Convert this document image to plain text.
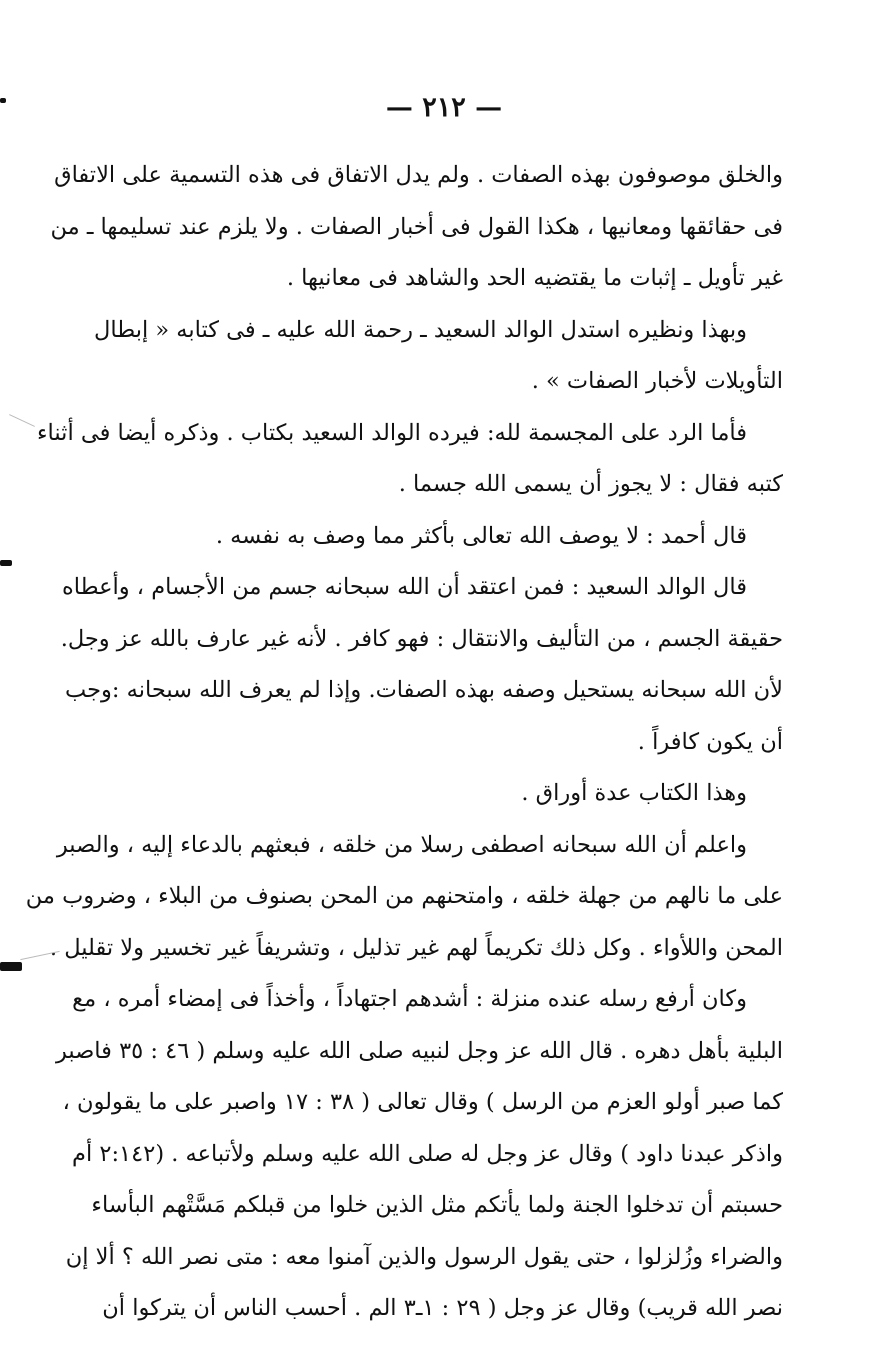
— ٢١٢ —
والخلق موصوفون بهذه الصفات . ولم يدل الاتفاق فى هذه التسمية على الاتفاق
فى حقائقها ومعانيها ، هكذا القول فى أخبار الصفات . ولا يلزم عند تسليمها ـ من
غير تأويل ـ إثبات ما يقتضيه الحد والشاهد فى معانيها .
وبهذا ونظيره استدل الوالد السعيد ـ رحمة الله عليه ـ فى كتابه « إبطال
التأويلات لأخبار الصفات » .
فأما الرد على المجسمة لله: فيرده الوالد السعيد بكتاب . وذكره أيضا فى أثناء
كتبه فقال : لا يجوز أن يسمى الله جسما .
قال أحمد : لا يوصف الله تعالى بأكثر مما وصف به نفسه .
قال الوالد السعيد : فمن اعتقد أن الله سبحانه جسم من الأجسام ، وأعطاه
حقيقة الجسم ، من التأليف والانتقال : فهو كافر . لأنه غير عارف بالله عز وجل.
لأن الله سبحانه يستحيل وصفه بهذه الصفات. وإذا لم يعرف الله سبحانه :وجب
أن يكون كافراً .
وهذا الكتاب عدة أوراق .
واعلم أن الله سبحانه اصطفى رسلا من خلقه ، فبعثهم بالدعاء إليه ، والصبر
على ما نالهم من جهلة خلقه ، وامتحنهم من المحن بصنوف من البلاء ، وضروب من
المحن واللأواء . وكل ذلك تكريماً لهم غير تذليل ، وتشريفاً غير تخسير ولا تقليل .
وكان أرفع رسله عنده منزلة : أشدهم اجتهاداً ، وأخذاً فى إمضاء أمره ، مع
البلية بأهل دهره . قال الله عز وجل لنبيه صلى الله عليه وسلم ( ٤٦ : ٣٥ فاصبر
كما صبر أولو العزم من الرسل ) وقال تعالى ( ٣٨ : ١٧ واصبر على ما يقولون ،
واذكر عبدنا داود ) وقال عز وجل له صلى الله عليه وسلم ولأتباعه . (٢:١٤٢ أم
حسبتم أن تدخلوا الجنة ولما يأتكم مثل الذين خلوا من قبلكم مَسَّتْهم البأساء
والضراء وزُلزلوا ، حتى يقول الرسول والذين آمنوا معه : متى نصر الله ؟ ألا إن
نصر الله قريب) وقال عز وجل ( ٢٩ : ١ـ٣ الم . أحسب الناس أن يتركوا أن
